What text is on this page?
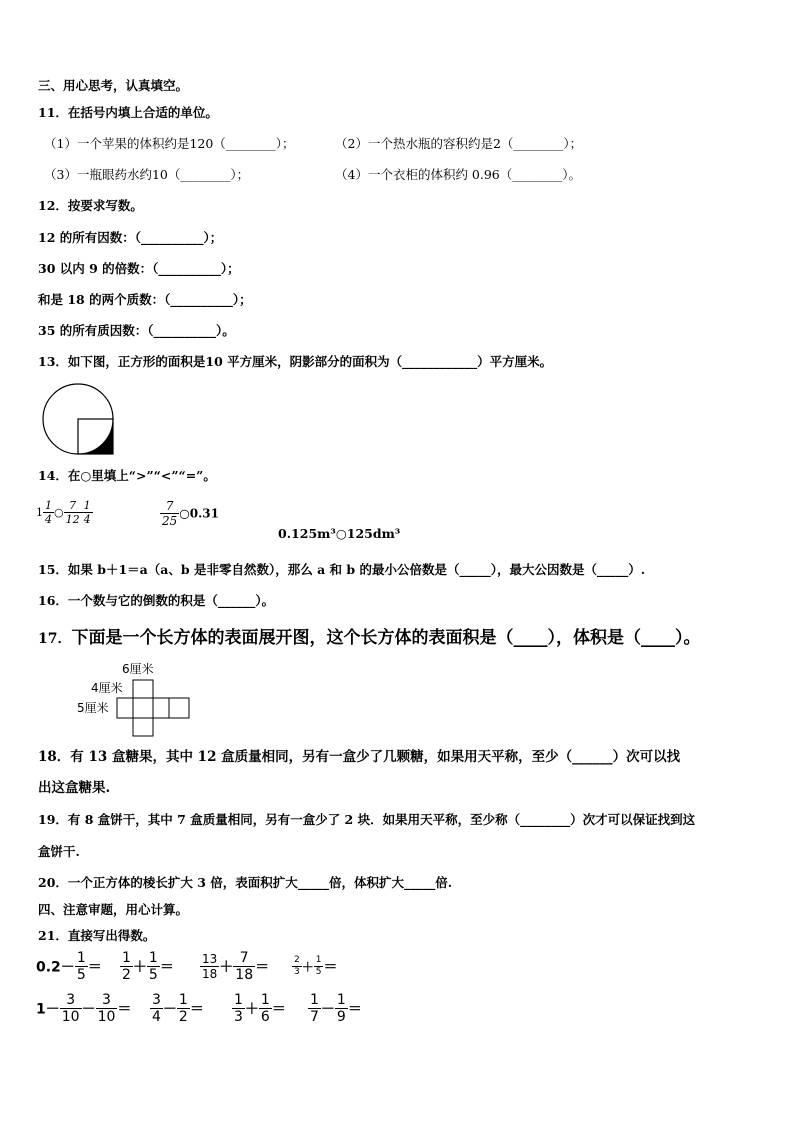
三、用心思考，认真填空。
11．在括号内填上合适的单位。
（1）一个苹果的体积约是120（________）；	（2）一个热水瓶的容积约是2（________）；
（3）一瓶眼药水约10（________）；	（4）一个衣柜的体积约 0.96（________）。
12．按要求写数。
12 的所有因数：（__________）；
30 以内 9 的倍数：（__________）；
和是 18 的两个质数：（__________）；
35 的所有质因数：（__________）。
13．如下图，正方形的面积是10 平方厘米，阴影部分的面积为（____________）平方厘米。
14．在○里填上“>”“<”“=”。
$1 \frac{1}{4}$ ○ $\frac{7}{12} \frac{1}{4}$	$\frac{7}{25}$ ○0.31
0.125m³○125dm³
15．如果 b＋1＝a（a、b 是非零自然数），那么 a 和 b 的最小公倍数是（_____），最大公因数是（_____）.
16．一个数与它的倒数的积是（______）。
17．下面是一个长方体的表面展开图，这个长方体的表面积是（____），体积是（____）。
6厘米
4厘米
5厘米
18．有 13 盒糖果，其中 12 盒质量相同，另有一盒少了几颗糖，如果用天平称，至少（______）次可以找
出这盒糖果.
19．有 8 盒饼干，其中 7 盒质量相同，另有一盒少了 2 块．如果用天平称，至少称（________）次才可以保证找到这
盒饼干.
20．一个正方体的棱长扩大 3 倍，表面积扩大_____倍，体积扩大_____倍.
四、注意审题，用心计算。
21．直接写出得数。
$0.2- \frac{1}{5} = \frac{1}{2} + \frac{1}{5} = \frac{13}{18} + \frac{7}{18}$ ＝	$\frac{2}{3} + \frac{1}{5}$ ＝
$1- \frac{3}{10} - \frac{3}{10} = \frac{3}{4} - \frac{1}{2} = \frac{1}{3} + \frac{1}{6} = \frac{1}{7} - \frac{1}{9}$ ＝
